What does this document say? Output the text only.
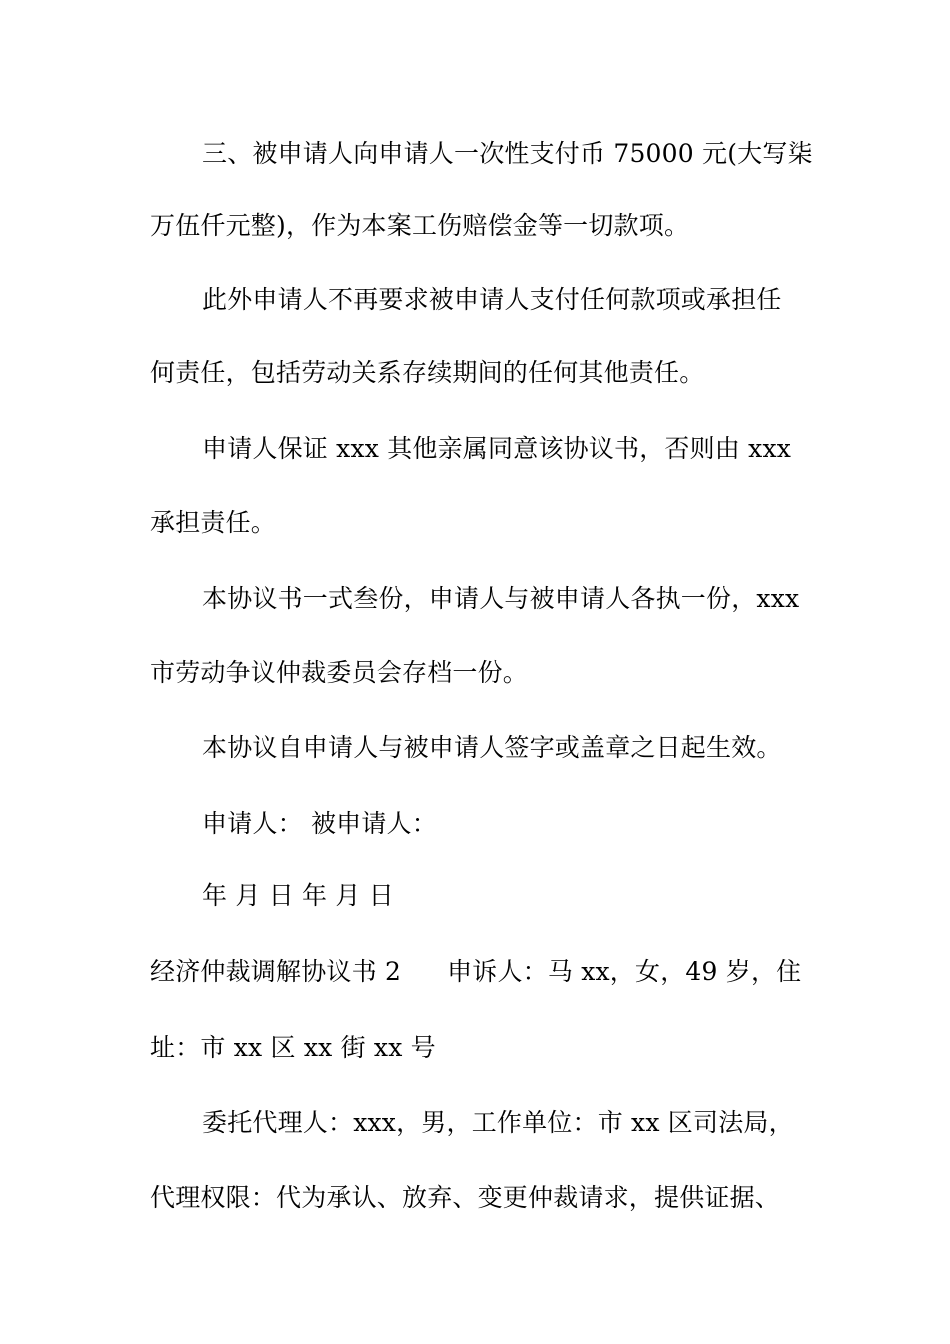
三、被申请人向申请人一次性支付币 75000 元(大写柒
万伍仟元整)，作为本案工伤赔偿金等一切款项。
此外申请人不再要求被申请人支付任何款项或承担任
何责任，包括劳动关系存续期间的任何其他责任。
申请人保证 xxx 其他亲属同意该协议书，否则由 xxx
承担责任。
本协议书一式叁份，申请人与被申请人各执一份，xxx
市劳动争议仲裁委员会存档一份。
本协议自申请人与被申请人签字或盖章之日起生效。
申请人： 被申请人：
年 月 日 年 月 日
经济仲裁调解协议书 2 申诉人：马 xx，女，49 岁，住
址：市 xx 区 xx 街 xx 号
委托代理人：xxx，男，工作单位：市 xx 区司法局，
代理权限：代为承认、放弃、变更仲裁请求，提供证据、
